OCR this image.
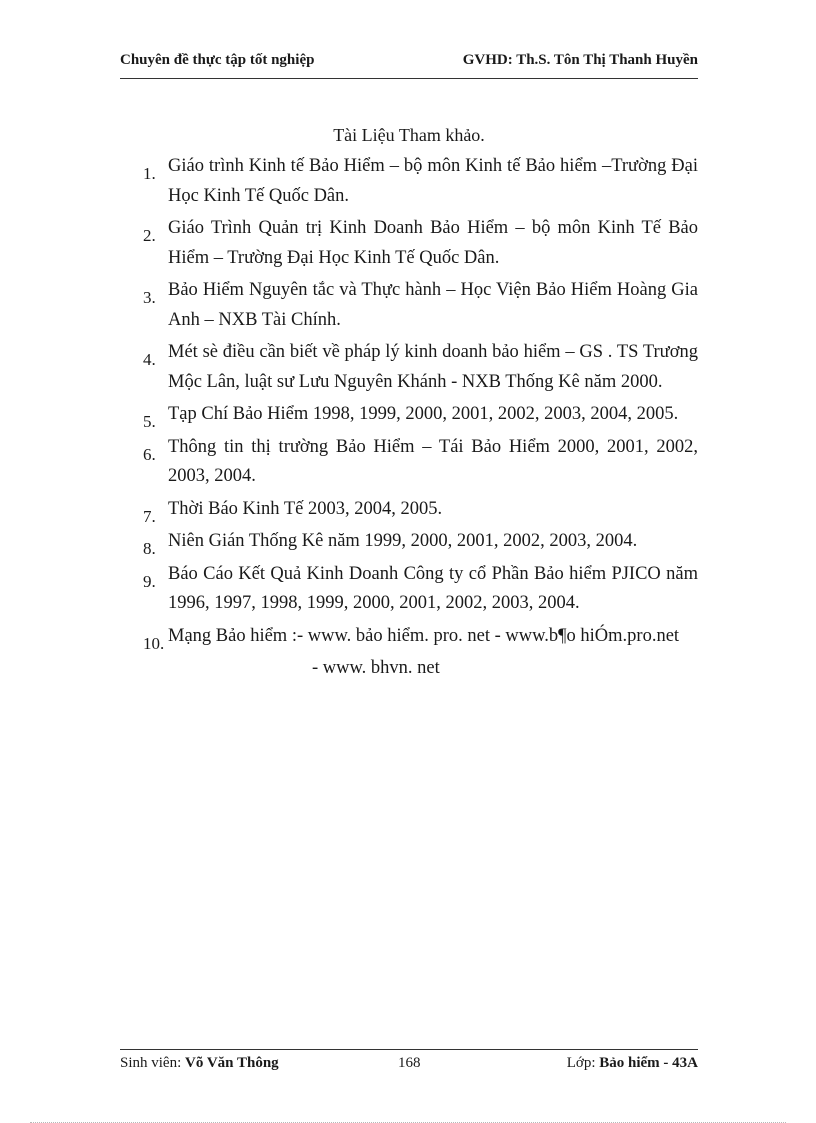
Chuyên đề thực tập tốt nghiệp	GVHD: Th.S. Tôn Thị Thanh Huyền
Tài Liệu Tham khảo.
1. Giáo trình Kinh tế Bảo Hiểm – bộ môn Kinh tế Bảo hiểm –Trường Đại Học Kinh Tế Quốc Dân.
2. Giáo Trình Quản trị Kinh Doanh Bảo Hiểm – bộ môn Kinh Tế Bảo Hiểm – Trường Đại Học Kinh Tế Quốc Dân.
3. Bảo Hiểm Nguyên tắc và Thực hành – Học Viện Bảo Hiểm Hoàng Gia Anh – NXB Tài Chính.
4. Mét sè điều cần biết về pháp lý kinh doanh bảo hiểm – GS . TS Trương Mộc Lân, luật sư Lưu Nguyên Khánh - NXB Thống Kê năm 2000.
5. Tạp Chí Bảo Hiểm 1998, 1999, 2000, 2001, 2002, 2003, 2004, 2005.
6. Thông tin thị trường Bảo Hiểm – Tái Bảo Hiểm 2000, 2001, 2002, 2003, 2004.
7. Thời Báo Kinh Tế 2003, 2004, 2005.
8. Niên Gián Thống Kê năm 1999, 2000, 2001, 2002, 2003, 2004.
9. Báo Cáo Kết Quả Kinh Doanh Công ty cổ Phần Bảo hiểm PJICO năm 1996, 1997, 1998, 1999, 2000, 2001, 2002, 2003, 2004.
10. Mạng Bảo hiểm :- www. bảo hiểm. pro. net - www.b¶o hiÓm.pro.net
- www. bhvn. net
Sinh viên: Võ Văn Thông	168	Lớp: Bảo hiểm - 43A
